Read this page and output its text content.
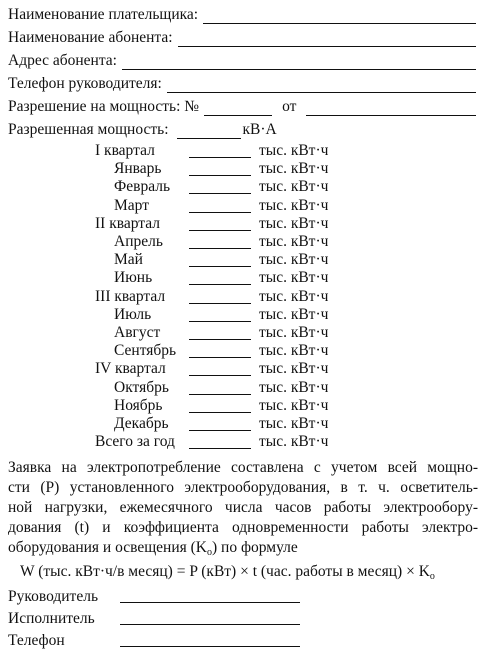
Наименование плательщика:
Наименование абонента:
Адрес абонента:
Телефон руководителя:
Разрешение на мощность: №	от
Разрешенная мощность:	кВ·А
I квартал	тыс. кВт·ч
Январь	тыс. кВт·ч
Февраль	тыс. кВт·ч
Март	тыс. кВт·ч
II квартал	тыс. кВт·ч
Апрель	тыс. кВт·ч
Май	тыс. кВт·ч
Июнь	тыс. кВт·ч
III квартал	тыс. кВт·ч
Июль	тыс. кВт·ч
Август	тыс. кВт·ч
Сентябрь	тыс. кВт·ч
IV квартал	тыс. кВт·ч
Октябрь	тыс. кВт·ч
Ноябрь	тыс. кВт·ч
Декабрь	тыс. кВт·ч
Всего за год	тыс. кВт·ч
Заявка на электропотребление составлена с учетом всей мощно-
сти (P) установленного электрооборудования, в т. ч. осветитель-
ной нагрузки, ежемесячного числа часов работы электрообору-
дования (t) и коэффициента одновременности работы электро-
оборудования и освещения $(K_о)$ по формуле
W (тыс. кВт·ч/в месяц) = P (кВт) × t (час. работы в месяц) × $K_о$
Руководитель
Исполнитель
Телефон
